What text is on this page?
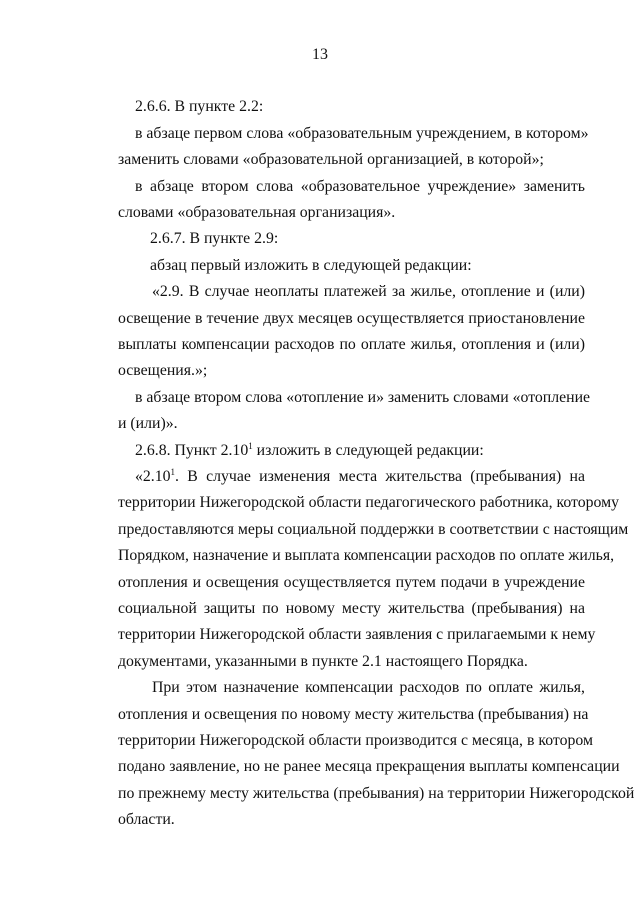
13
2.6.6. В пункте 2.2:
в абзаце первом слова «образовательным учреждением, в котором»
заменить словами «образовательной организацией, в которой»;
в абзаце втором слова «образовательное учреждение» заменить
словами «образовательная организация».
2.6.7. В пункте 2.9:
абзац первый изложить в следующей редакции:
«2.9. В случае неоплаты платежей за жилье, отопление и (или)
освещение в течение двух месяцев осуществляется приостановление
выплаты компенсации расходов по оплате жилья, отопления и (или)
освещения.»;
в абзаце втором слова «отопление и» заменить словами «отопление
и (или)».
2.6.8. Пункт 2.10$^1$ изложить в следующей редакции:
«2.10$^1$. В случае изменения места жительства (пребывания) на
территории Нижегородской области педагогического работника, которому
предоставляются меры социальной поддержки в соответствии с настоящим
Порядком, назначение и выплата компенсации расходов по оплате жилья,
отопления и освещения осуществляется путем подачи в учреждение
социальной защиты по новому месту жительства (пребывания) на
территории Нижегородской области заявления с прилагаемыми к нему
документами, указанными в пункте 2.1 настоящего Порядка.
При этом назначение компенсации расходов по оплате жилья,
отопления и освещения по новому месту жительства (пребывания) на
территории Нижегородской области производится с месяца, в котором
подано заявление, но не ранее месяца прекращения выплаты компенсации
по прежнему месту жительства (пребывания) на территории Нижегородской
области.
